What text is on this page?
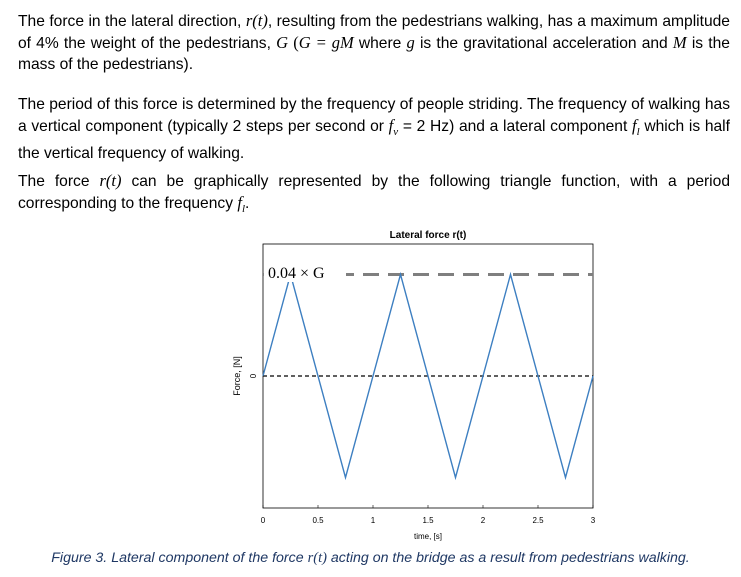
The force in the lateral direction, r(t), resulting from the pedestrians walking, has a maximum amplitude of 4% the weight of the pedestrians, G (G = gM where g is the gravitational acceleration and M is the mass of the pedestrians).

The period of this force is determined by the frequency of people striding. The frequency of walking has a vertical component (typically 2 steps per second or $f_v = 2$ Hz) and a lateral component $f_l$ which is half the vertical frequency of walking.

The force r(t) can be graphically represented by the following triangle function, with a period corresponding to the frequency $f_l$.

Lateral force r(t)
0	0.5	1	1.5	2	2.5	3
0
0.04 × G
time, [s]
Force, [N]

Figure 3. Lateral component of the force r(t) acting on the bridge as a result from pedestrians walking.
